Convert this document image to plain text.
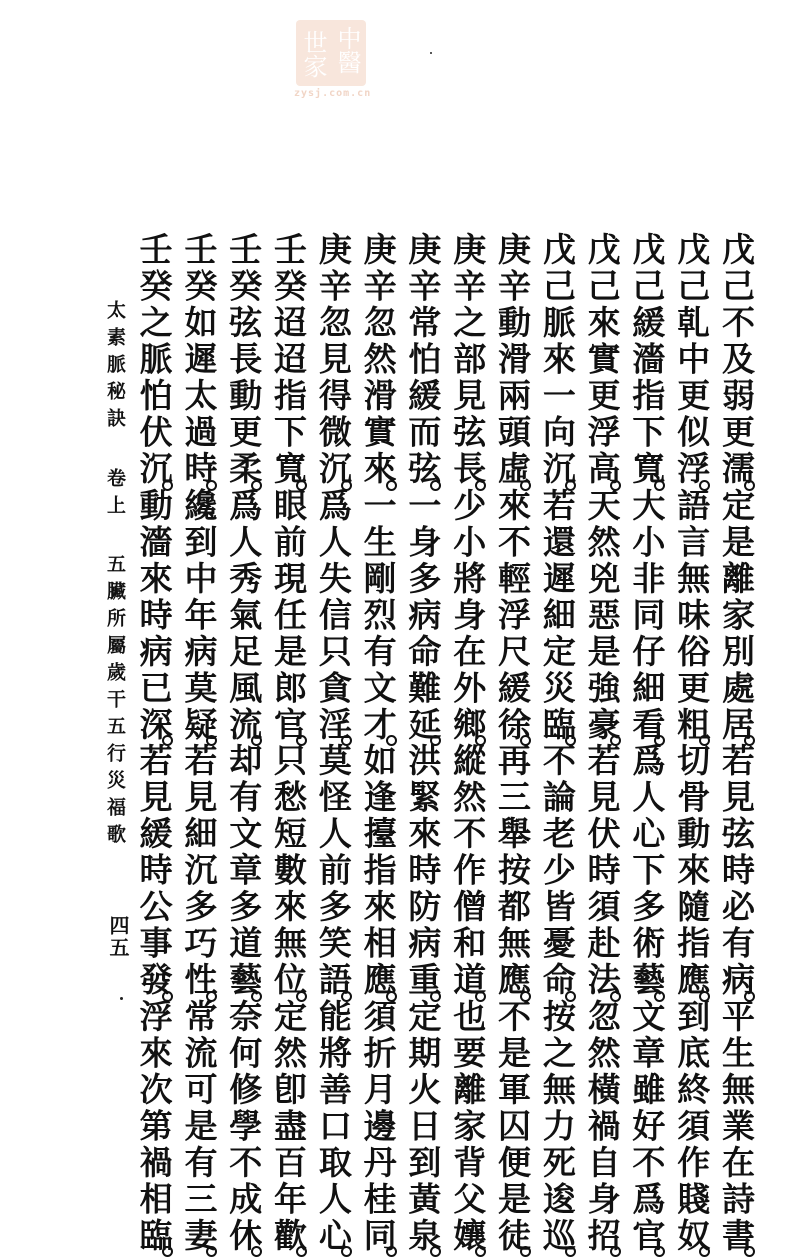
中醫
世家
zysj.com.cn
戊己不及弱更濡定是離家別處居若見弦時必有病平生無業在詩書
戊己乹中更似浮語言無味俗更粗切骨動來隨指應到底終須作賤奴
戊己緩濇指下寬大小非同仔細看爲人心下多術藝文章雖好不爲官
戊己來實更浮高天然兇惡是強豪若見伏時須赴法忽然橫禍自身招
戊己脈來一向沉若還遲細定災臨不論老少皆憂命按之無力死逡巡
庚辛動滑兩頭虛來不輕浮尺緩徐再三舉按都無應不是軍囚便是徒
庚辛之部見弦長少小將身在外鄉縱然不作僧和道也要離家背父孃
庚辛常怕緩而弦一身多病命難延洪緊來時防病重定期火日到黃泉
庚辛忽然滑實來一生剛烈有文才如逢擡指來相應須折月邊丹桂同
庚辛忽見得微沉爲人失信只貪淫莫怪人前多笑語能將善口取人心
壬癸迢迢指下寬眼前現任是郎官只愁短數來無位定然卽盡百年歡
壬癸弦長動更柔爲人秀氣足風流却有文章多道藝奈何修學不成休
壬癸如遲太過時纔到中年病莫疑若見細沉多巧性常流可是有三妻
壬癸之脈怕伏沉動濇來時病已深若見緩時公事發浮來次第禍相臨
太素脈秘訣 卷上 五臟所屬歲干五行災福歌
四五
